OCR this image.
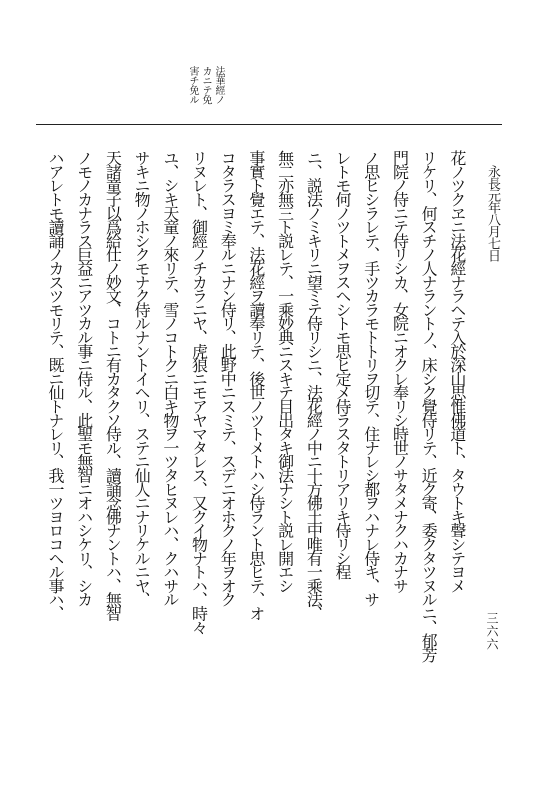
法華經ノ
カニテ免
害チ免ル
永長元年八月七日
三六六
花ノツクヱニ法花經ナラヘテ入於深山思惟佛道ト、タウトキ聲シテヨメ
リケリ、何スチノ人ナラントノ、床シク覺侍リテ、近ク寄、委クタツヌルニ、郁芳
門院ノ侍ニテ侍リシカ、女院ニオクレ奉リシ時世ノサタメナクハカナサ
ノ思ヒシラレテ、手ツカラモトトリヲ切テ、住ナレシ都ヲハナレ侍キ、サ
レトモ何ノツトメヲスヘシトモ思ヒ定メ侍ラスタトリアリキ侍リシ程
ニ、説法ノミキリニ望ミテ侍リシニ、法花經ノ中ニ十方佛土中唯有一乘法、
無二亦無三ト説レテ、一乘妙典ニスキテ目出タキ御法ナシト説レ開エシ
事實ト覺エテ、法花經ヲ讀奉リテ、後世ノツトメトハシ侍ラント思ヒテ、オ
コタラスヨミ奉ルニナン侍リ、此野中ニスミテ、スデニオホクノ年ヲオク
リヌレト、御經ノチカラニヤ、虎狼ニモアヤマタレス、又クイ物ナトハ、時々
ユ、シキ天童ノ來リテ、雪ノコトクニ白キ物ヲ一ツタヒヌレハ、クハサル
サキニ物ノホシクモナク侍ルナントイヘリ、ステニ仙人ニナリケルニヤ、
天諸童子以爲給仕ノ妙文、コトニ有カタクソ侍ル、讀誦念佛ナントハ、無智
ノモノカナラス巨益ニアツカル事ニ侍ル、此聖モ無智ニオハシケリ、シカ
ハアレトモ讀誦ノカスツモリテ、既ニ仙トナレリ、我一ツヨロコヘル事ハ、
